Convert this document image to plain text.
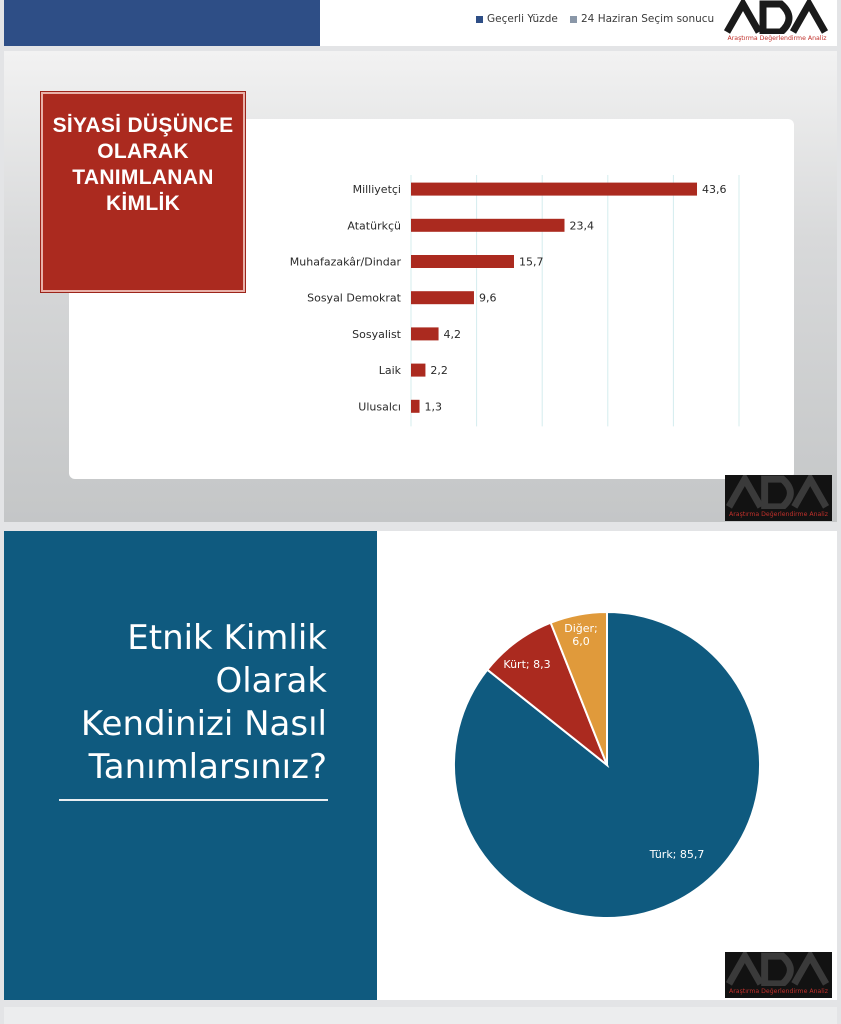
Geçerli Yüzde 24 Haziran Seçim sonucu
Araştırma Değerlendirme Analiz
Milliyetçi	43,6
Atatürkçü	23,4
Muhafazakâr/Dindar	15,7
Sosyal Demokrat	9,6
Sosyalist	4,2
Laik	2,2
Ulusalcı 1,3
SİYASİ DÜŞÜNCE
OLARAK
TANIMLANAN
KİMLİK
Araştırma Değerlendirme Analiz
Etnik Kimlik
Olarak
Kendinizi Nasıl
Tanımlarsınız?
Türk; 85,7
Kürt; 8,3
Diğer; 6,0
Araştırma Değerlendirme Analiz
